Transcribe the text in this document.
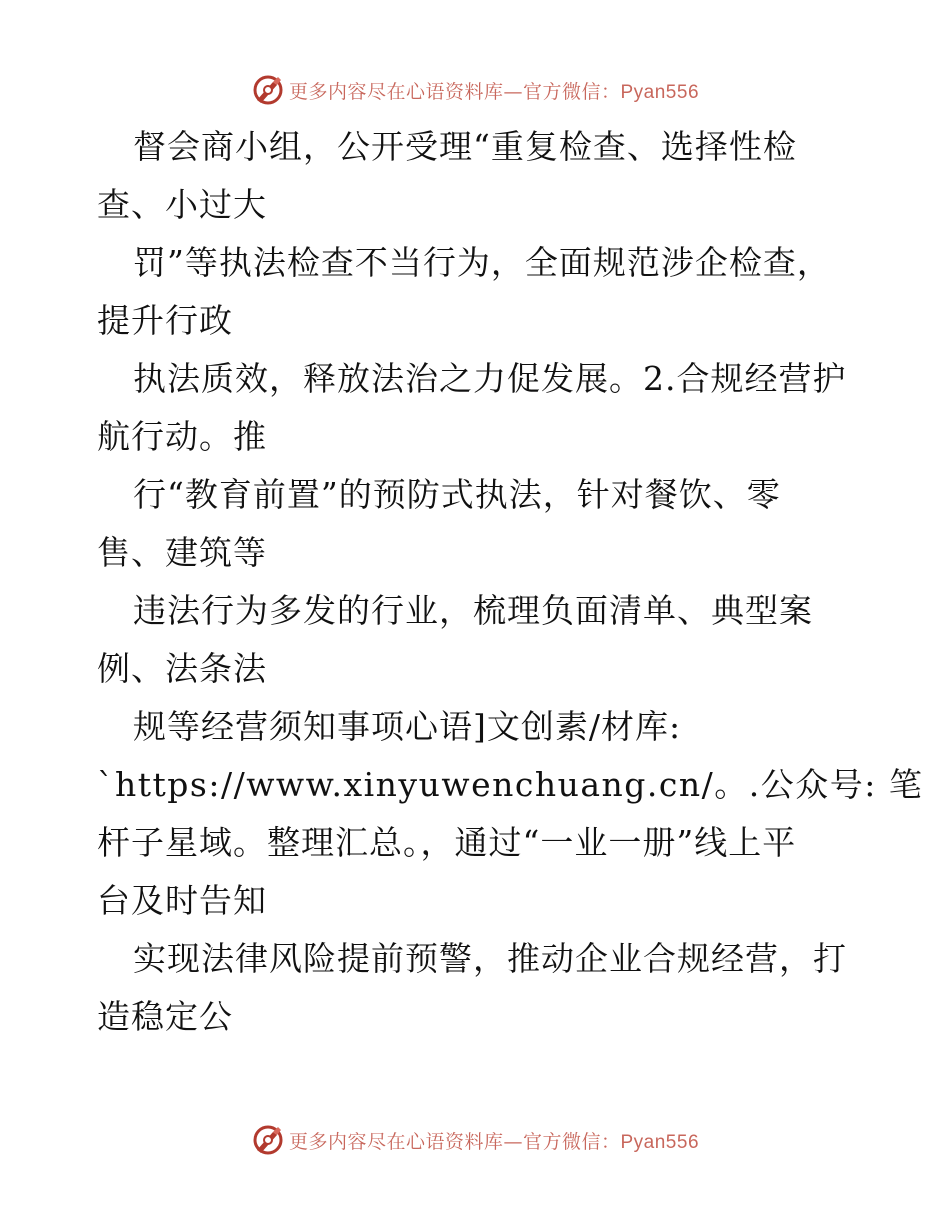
更多内容尽在心语资料库—官方微信：Pyan556
督会商小组，公开受理“重复检查、选择性检
查、小过大
罚”等执法检查不当行为，全面规范涉企检查，
提升行政
执法质效，释放法治之力促发展。2.合规经营护
航行动。推
行“教育前置”的预防式执法，针对餐饮、零
售、建筑等
违法行为多发的行业，梳理负面清单、典型案
例、法条法
规等经营须知事项心语]文创素/材库:
`https://www.xinyuwenchuang.cn/。.公众号: 笔
杆子星域。整理汇总。，通过“一业一册”线上平
台及时告知
实现法律风险提前预警，推动企业合规经营，打
造稳定公
更多内容尽在心语资料库—官方微信：Pyan556
